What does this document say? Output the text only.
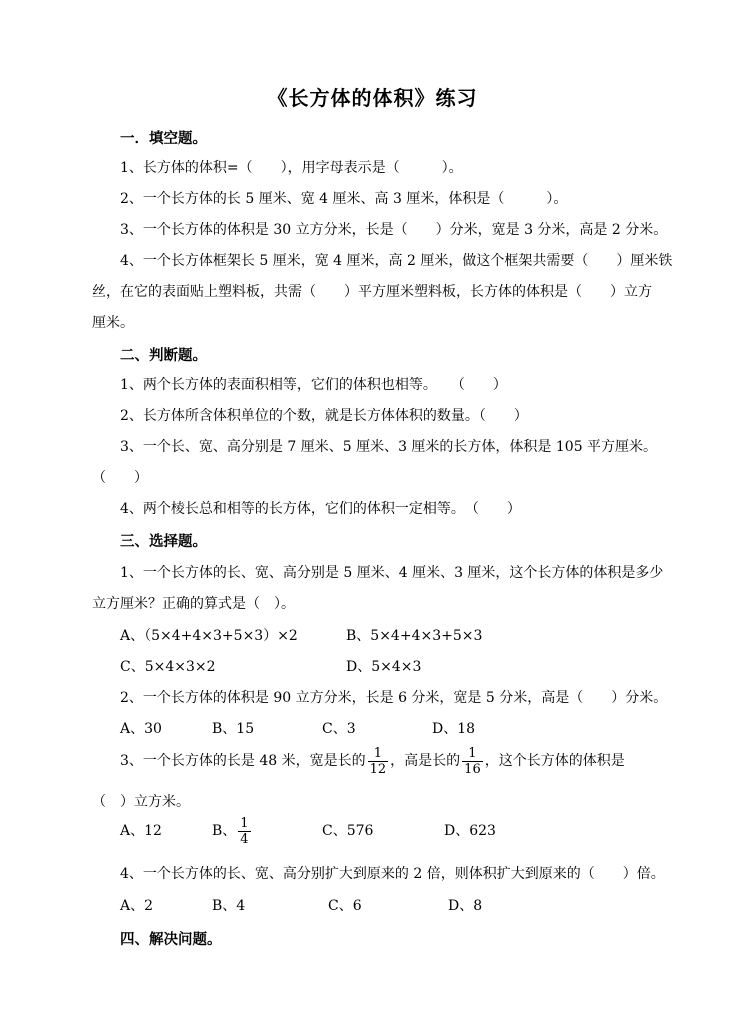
《长方体的体积》练习
一．填空题。
1、长方体的体积=（　　），用字母表示是（　　　）。
2、一个长方体的长 5 厘米、宽 4 厘米、高 3 厘米，体积是（　　　）。
3、一个长方体的体积是 30 立方分米，长是（　　）分米，宽是 3 分米，高是 2 分米。
4、一个长方体框架长 5 厘米，宽 4 厘米，高 2 厘米，做这个框架共需要（　　）厘米铁
丝，在它的表面贴上塑料板，共需（　　）平方厘米塑料板，长方体的体积是（　　）立方
厘米。
二、判断题。
1、两个长方体的表面积相等，它们的体积也相等。　　（　　）
2、长方体所含体积单位的个数，就是长方体体积的数量。（　　）
3、一个长、宽、高分别是 7 厘米、5 厘米、3 厘米的长方体，体积是 105 平方厘米。
（　　）
4、两个棱长总和相等的长方体，它们的体积一定相等。　（　　）
三、选择题。
1、一个长方体的长、宽、高分别是 5 厘米、4 厘米、3 厘米，这个长方体的体积是多少
立方厘米？正确的算式是（　）。
A、（5×4+4×3+5×3）×2	B、5×4+4×3+5×3
C、5×4×3×2	D、5×4×3
2、一个长方体的体积是 90 立方分米，长是 6 分米，宽是 5 分米，高是（　　）分米。
A、30	B、15	C、3	D、18
3、一个长方体的长是 48 米，宽是长的 $\frac{1}{12}$ ，高是长的 $\frac{1}{16}$ ，这个长方体的体积是
（　）立方米。
A、12	B、 $\frac{1}{4}$	C、576	D、623
4、一个长方体的长、宽、高分别扩大到原来的 2 倍，则体积扩大到原来的（　　）倍。
A、2	B、4	C、6	D、8
四、解决问题。
